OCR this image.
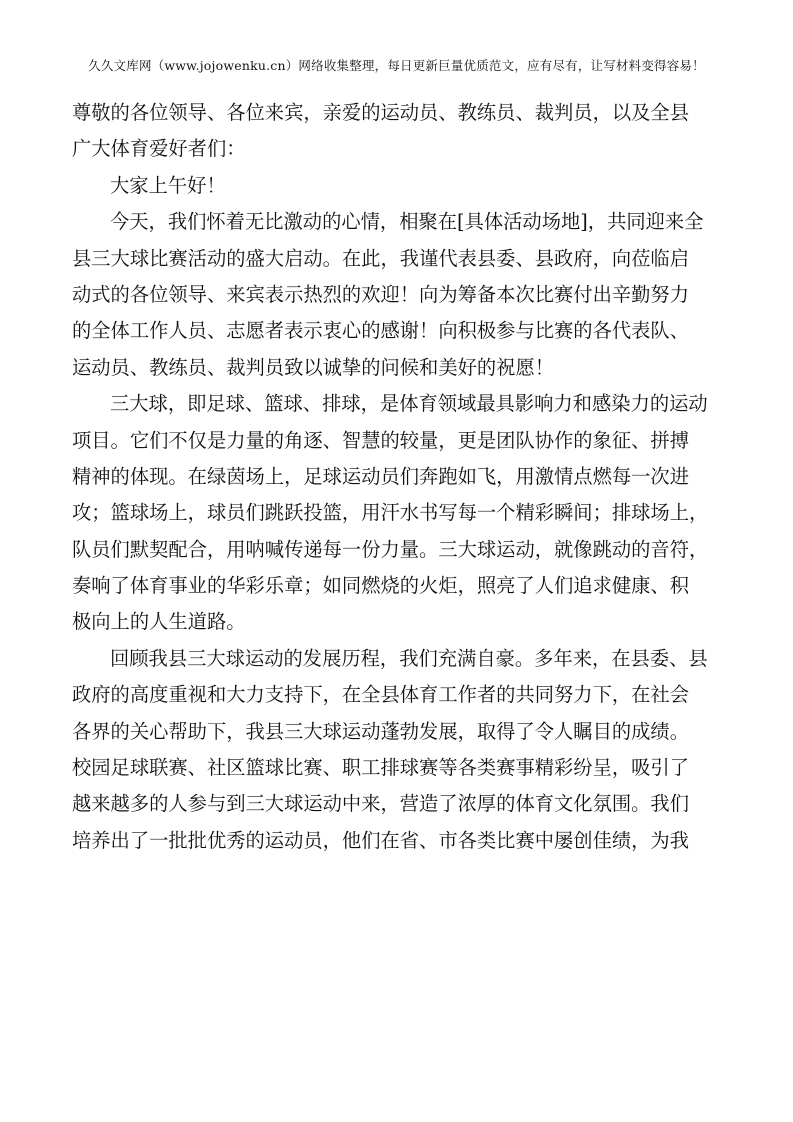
久久文库网（www.jojowenku.cn）网络收集整理，每日更新巨量优质范文，应有尽有，让写材料变得容易！
尊敬的各位领导、各位来宾，亲爱的运动员、教练员、裁判员，以及全县
广大体育爱好者们：
大家上午好！
今天，我们怀着无比激动的心情，相聚在[具体活动场地]，共同迎来全
县三大球比赛活动的盛大启动。在此，我谨代表县委、县政府，向莅临启
动式的各位领导、来宾表示热烈的欢迎！向为筹备本次比赛付出辛勤努力
的全体工作人员、志愿者表示衷心的感谢！向积极参与比赛的各代表队、
运动员、教练员、裁判员致以诚挚的问候和美好的祝愿！
三大球，即足球、篮球、排球，是体育领域最具影响力和感染力的运动
项目。它们不仅是力量的角逐、智慧的较量，更是团队协作的象征、拼搏
精神的体现。在绿茵场上，足球运动员们奔跑如飞，用激情点燃每一次进
攻；篮球场上，球员们跳跃投篮，用汗水书写每一个精彩瞬间；排球场上，
队员们默契配合，用呐喊传递每一份力量。三大球运动，就像跳动的音符，
奏响了体育事业的华彩乐章；如同燃烧的火炬，照亮了人们追求健康、积
极向上的人生道路。
回顾我县三大球运动的发展历程，我们充满自豪。多年来，在县委、县
政府的高度重视和大力支持下，在全县体育工作者的共同努力下，在社会
各界的关心帮助下，我县三大球运动蓬勃发展，取得了令人瞩目的成绩。
校园足球联赛、社区篮球比赛、职工排球赛等各类赛事精彩纷呈，吸引了
越来越多的人参与到三大球运动中来，营造了浓厚的体育文化氛围。我们
培养出了一批批优秀的运动员，他们在省、市各类比赛中屡创佳绩，为我
